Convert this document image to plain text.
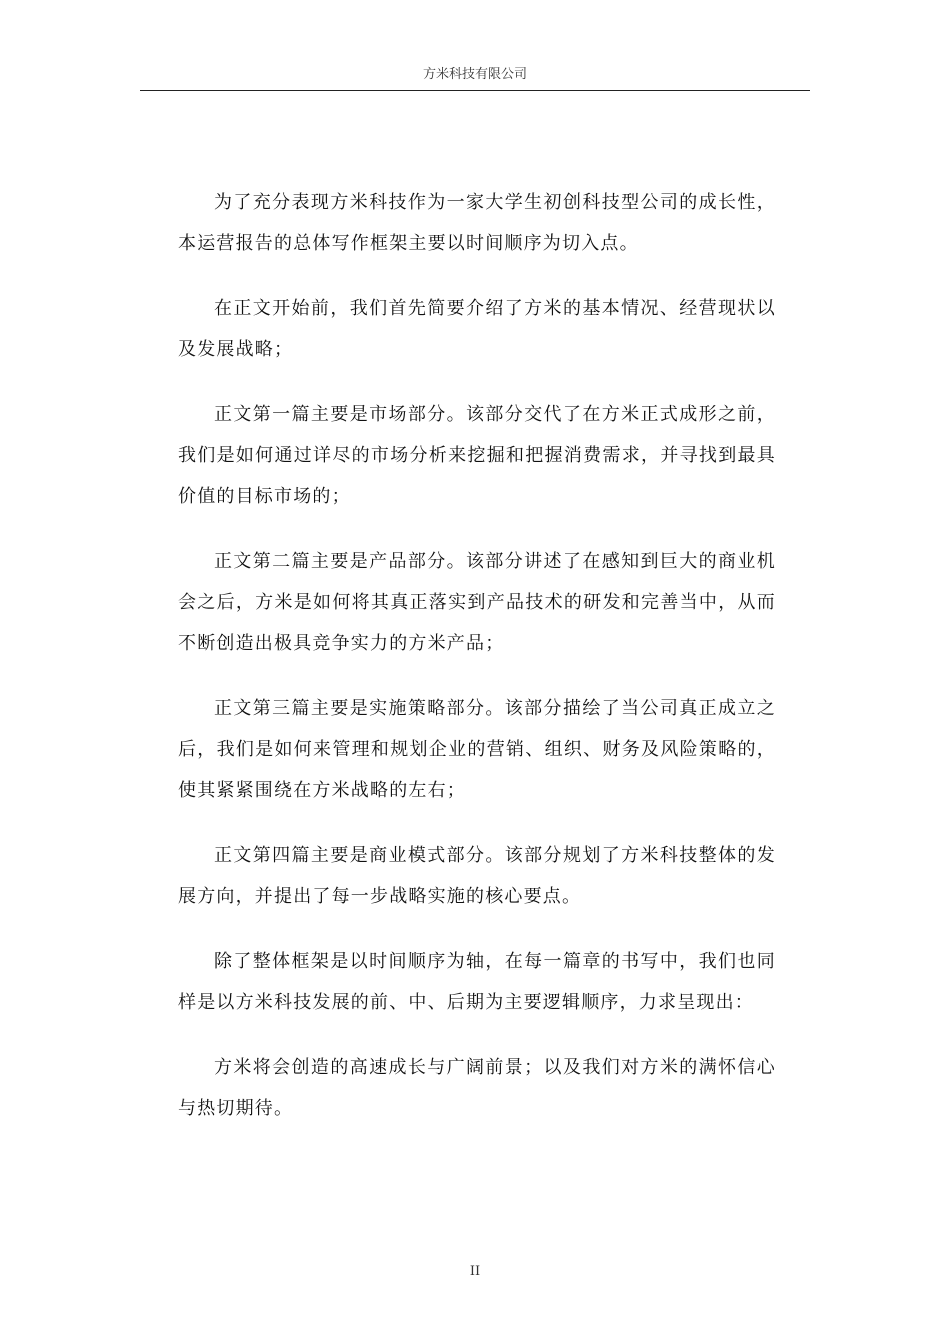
方米科技有限公司

为了充分表现方米科技作为一家大学生初创科技型公司的成长性，本运营报告的总体写作框架主要以时间顺序为切入点。

在正文开始前，我们首先简要介绍了方米的基本情况、经营现状以及发展战略；

正文第一篇主要是市场部分。该部分交代了在方米正式成形之前，我们是如何通过详尽的市场分析来挖掘和把握消费需求，并寻找到最具价值的目标市场的；

正文第二篇主要是产品部分。该部分讲述了在感知到巨大的商业机会之后，方米是如何将其真正落实到产品技术的研发和完善当中，从而不断创造出极具竞争实力的方米产品；

正文第三篇主要是实施策略部分。该部分描绘了当公司真正成立之后，我们是如何来管理和规划企业的营销、组织、财务及风险策略的，使其紧紧围绕在方米战略的左右；

正文第四篇主要是商业模式部分。该部分规划了方米科技整体的发展方向，并提出了每一步战略实施的核心要点。

除了整体框架是以时间顺序为轴，在每一篇章的书写中，我们也同样是以方米科技发展的前、中、后期为主要逻辑顺序，力求呈现出：

方米将会创造的高速成长与广阔前景；以及我们对方米的满怀信心与热切期待。

II
